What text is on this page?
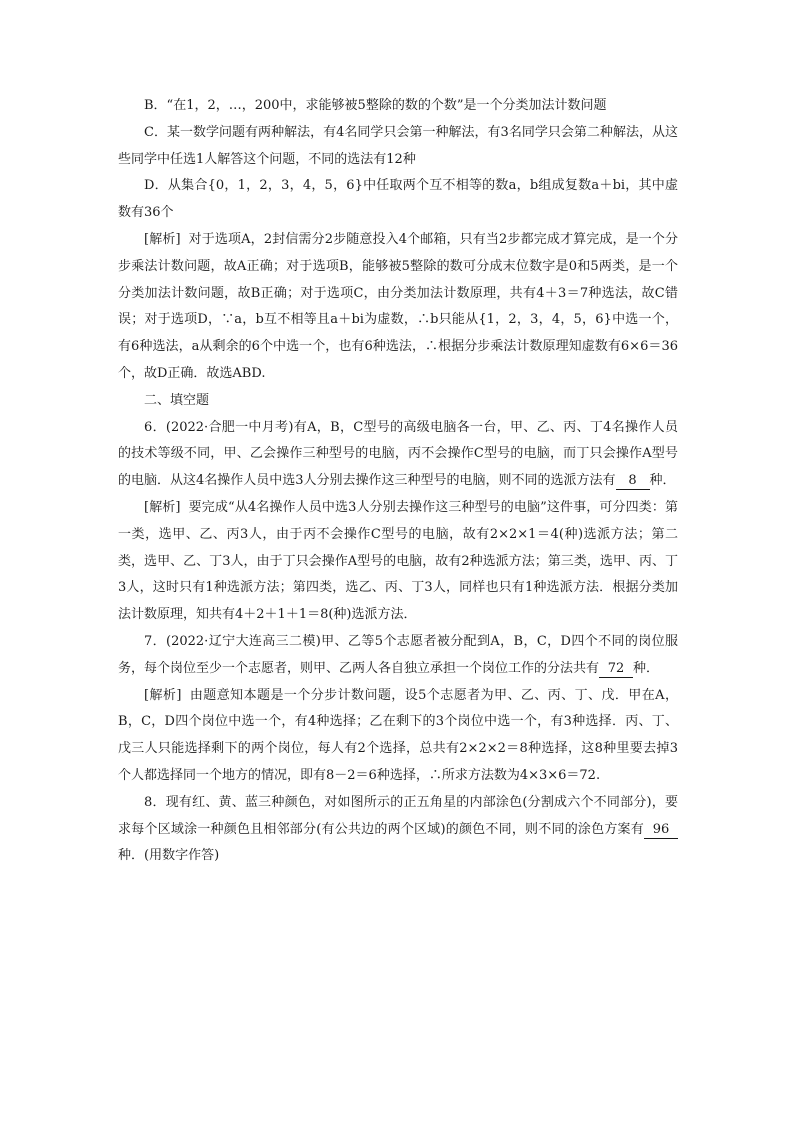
B．“在1，2，…，200中，求能够被5整除的数的个数”是一个分类加法计数问题

C．某一数学问题有两种解法，有4名同学只会第一种解法，有3名同学只会第二种解法，从这些同学中任选1人解答这个问题，不同的选法有12种

D．从集合{0，1，2，3，4，5，6}中任取两个互不相等的数a，b组成复数a＋bi，其中虚数有36个

[解析] 对于选项A，2封信需分2步随意投入4个邮箱，只有当2步都完成才算完成，是一个分步乘法计数问题，故A正确；对于选项B，能够被5整除的数可分成末位数字是0和5两类，是一个分类加法计数问题，故B正确；对于选项C，由分类加法计数原理，共有4＋3＝7种选法，故C错误；对于选项D，∵a，b互不相等且a＋bi为虚数，∴b只能从{1，2，3，4，5，6}中选一个，有6种选法，a从剩余的6个中选一个，也有6种选法，∴根据分步乘法计数原理知虚数有6×6＝36个，故D正确．故选ABD.

二、填空题

6．(2022·合肥一中月考)有A，B，C型号的高级电脑各一台，甲、乙、丙、丁4名操作人员的技术等级不同，甲、乙会操作三种型号的电脑，丙不会操作C型号的电脑，而丁只会操作A型号的电脑．从这4名操作人员中选3人分别去操作这三种型号的电脑，则不同的选派方法有 8 种．

[解析] 要完成“从4名操作人员中选3人分别去操作这三种型号的电脑”这件事，可分四类：第一类，选甲、乙、丙3人，由于丙不会操作C型号的电脑，故有2×2×1＝4(种)选派方法；第二类，选甲、乙、丁3人，由于丁只会操作A型号的电脑，故有2种选派方法；第三类，选甲、丙、丁3人，这时只有1种选派方法；第四类，选乙、丙、丁3人，同样也只有1种选派方法．根据分类加法计数原理，知共有4＋2＋1＋1＝8(种)选派方法．

7．(2022·辽宁大连高三二模)甲、乙等5个志愿者被分配到A，B，C，D四个不同的岗位服务，每个岗位至少一个志愿者，则甲、乙两人各自独立承担一个岗位工作的分法共有 72 种．

[解析] 由题意知本题是一个分步计数问题，设5个志愿者为甲、乙、丙、丁、戊．甲在A，B，C，D四个岗位中选一个，有4种选择；乙在剩下的3个岗位中选一个，有3种选择．丙、丁、戊三人只能选择剩下的两个岗位，每人有2个选择，总共有2×2×2＝8种选择，这8种里要去掉3个人都选择同一个地方的情况，即有8－2＝6种选择，∴所求方法数为4×3×6＝72.

8．现有红、黄、蓝三种颜色，对如图所示的正五角星的内部涂色(分割成六个不同部分)，要求每个区域涂一种颜色且相邻部分(有公共边的两个区域)的颜色不同，则不同的涂色方案有 96种．(用数字作答)
